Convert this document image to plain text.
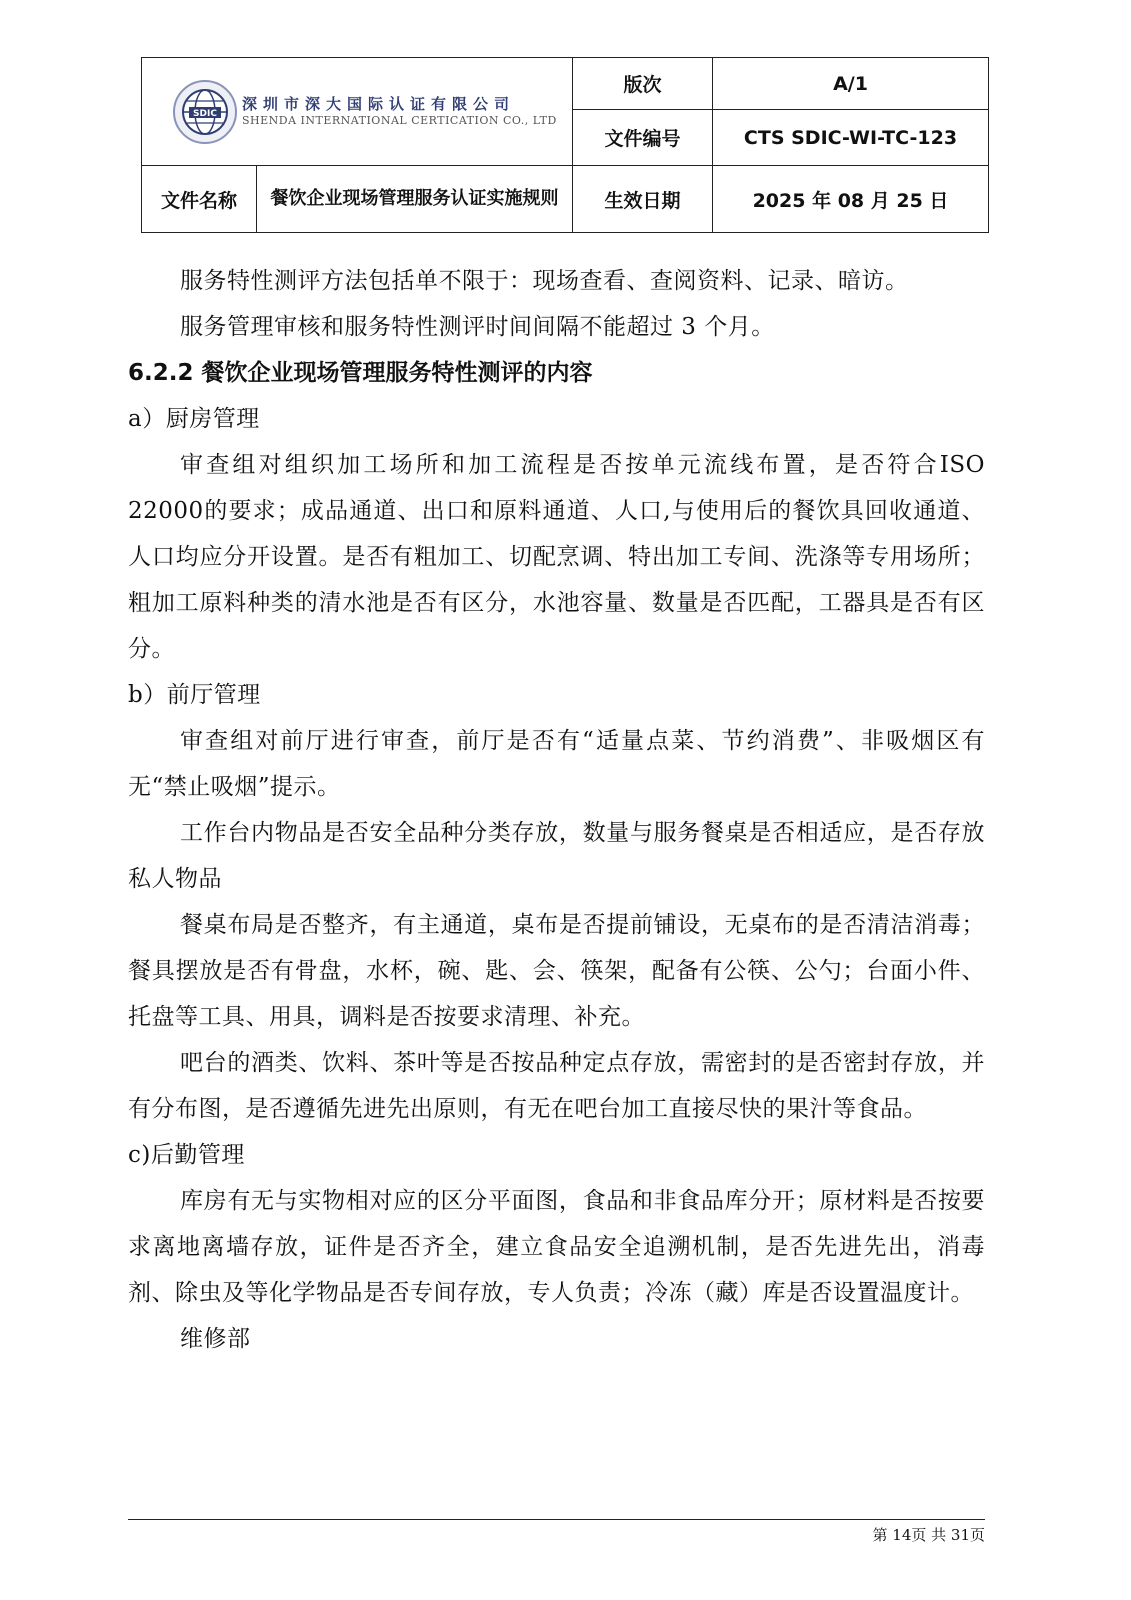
SDIC
深圳市深大国际认证有限公司
SHENDA INTERNATIONAL CERTICATION CO., LTD		版次	A/1
		文件编号	CTS SDIC-WI-TC-123
文件名称	餐饮企业现场管理服务认证实施规则	生效日期	2025 年 08 月 25 日

服务特性测评方法包括单不限于：现场查看、查阅资料、记录、暗访。

服务管理审核和服务特性测评时间间隔不能超过 3 个月。

6.2.2 餐饮企业现场管理服务特性测评的内容

a）厨房管理

审查组对组织加工场所和加工流程是否按单元流线布置，是否符合ISO 22000的要求；成品通道、出口和原料通道、人口,与使用后的餐饮具回收通道、人口均应分开设置。是否有粗加工、切配烹调、特出加工专间、洗涤等专用场所；粗加工原料种类的清水池是否有区分，水池容量、数量是否匹配，工器具是否有区分。

b）前厅管理

审查组对前厅进行审查，前厅是否有“适量点菜、节约消费”、非吸烟区有无“禁止吸烟”提示。

工作台内物品是否安全品种分类存放，数量与服务餐桌是否相适应，是否存放私人物品

餐桌布局是否整齐，有主通道，桌布是否提前铺设，无桌布的是否清洁消毒；餐具摆放是否有骨盘，水杯，碗、匙、会、筷架，配备有公筷、公勺；台面小件、托盘等工具、用具，调料是否按要求清理、补充。

吧台的酒类、饮料、茶叶等是否按品种定点存放，需密封的是否密封存放，并有分布图，是否遵循先进先出原则，有无在吧台加工直接尽快的果汁等食品。

c)后勤管理

库房有无与实物相对应的区分平面图，食品和非食品库分开；原材料是否按要求离地离墙存放，证件是否齐全，建立食品安全追溯机制，是否先进先出，消毒剂、除虫及等化学物品是否专间存放，专人负责；冷冻（藏）库是否设置温度计。

维修部

第 14页 共 31页
